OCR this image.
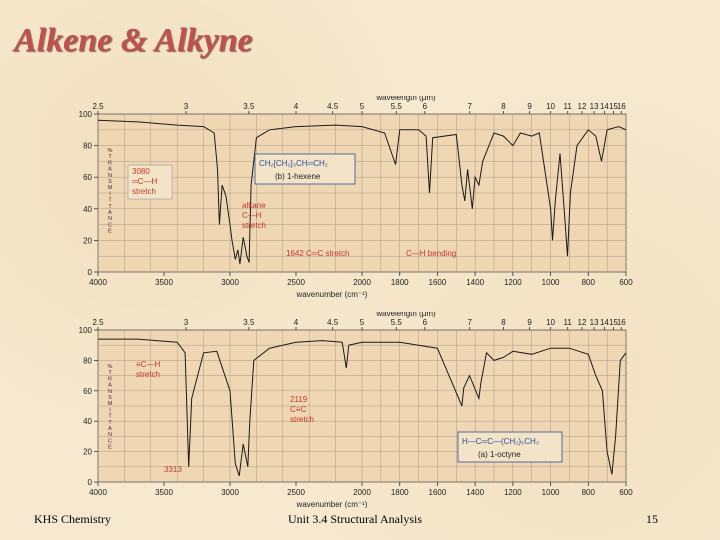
Alkene & Alkyne
4000	3500	3000	2500	2000 1800 1600 1400 1200 1000	800	600
wavenumber (cm⁻¹)
2.5	3	3.5	4	4.5	5	5.5	6	7	8	9 10 11 12 13 14 15
16
wavelength (μm)
0
20
40
60
80
100
%
T
R
A
N
S
M
I
T
T
A
N
C
E
CH₂[CH₂]₃CH═CH₂
(b) 1-hexene
3080
═C—H
stretch
alkane
C—H
stretch
1642 C═C stretch	C—H bending
4000	3500	3000	2500	2000 1800 1600 1400 1200 1000	800	600
wavenumber (cm⁻¹)
2.5	3	3.5	4	4.5	5	5.5	6	7	8	9 10 11 12 13 14 15
16
wavelength (μm)
0
20
40
60
80
100
%
T
R
A
N
S
M
I
T
T
A
N
C
E
H—C═C—(CH₂)₅CH₃
(a) 1-octyne
≡C—H
stretch
2119
C≡C
stretch
3313
KHS Chemistry	Unit 3.4 Structural Analysis	15
